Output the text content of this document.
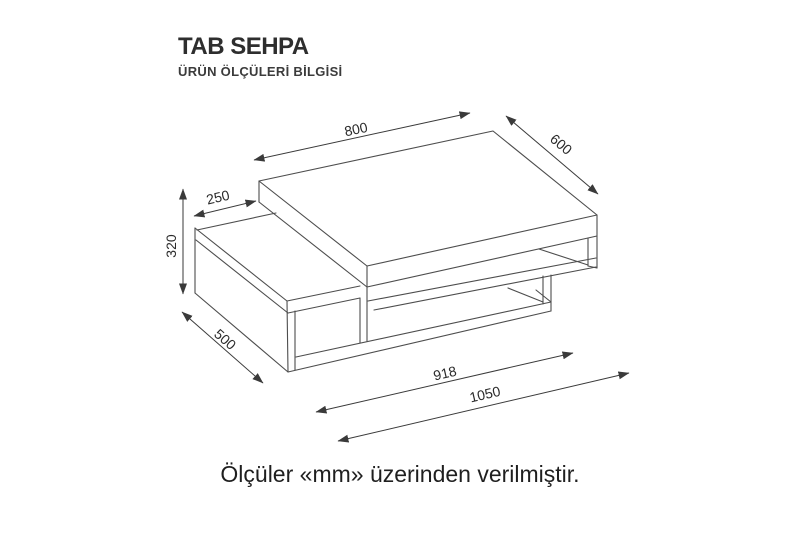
TAB SEHPA
ÜRÜN ÖLÇÜLERİ BİLGİSİ
800
600
250
320
500
918
1050
Ölçüler «mm» üzerinden verilmiştir.
